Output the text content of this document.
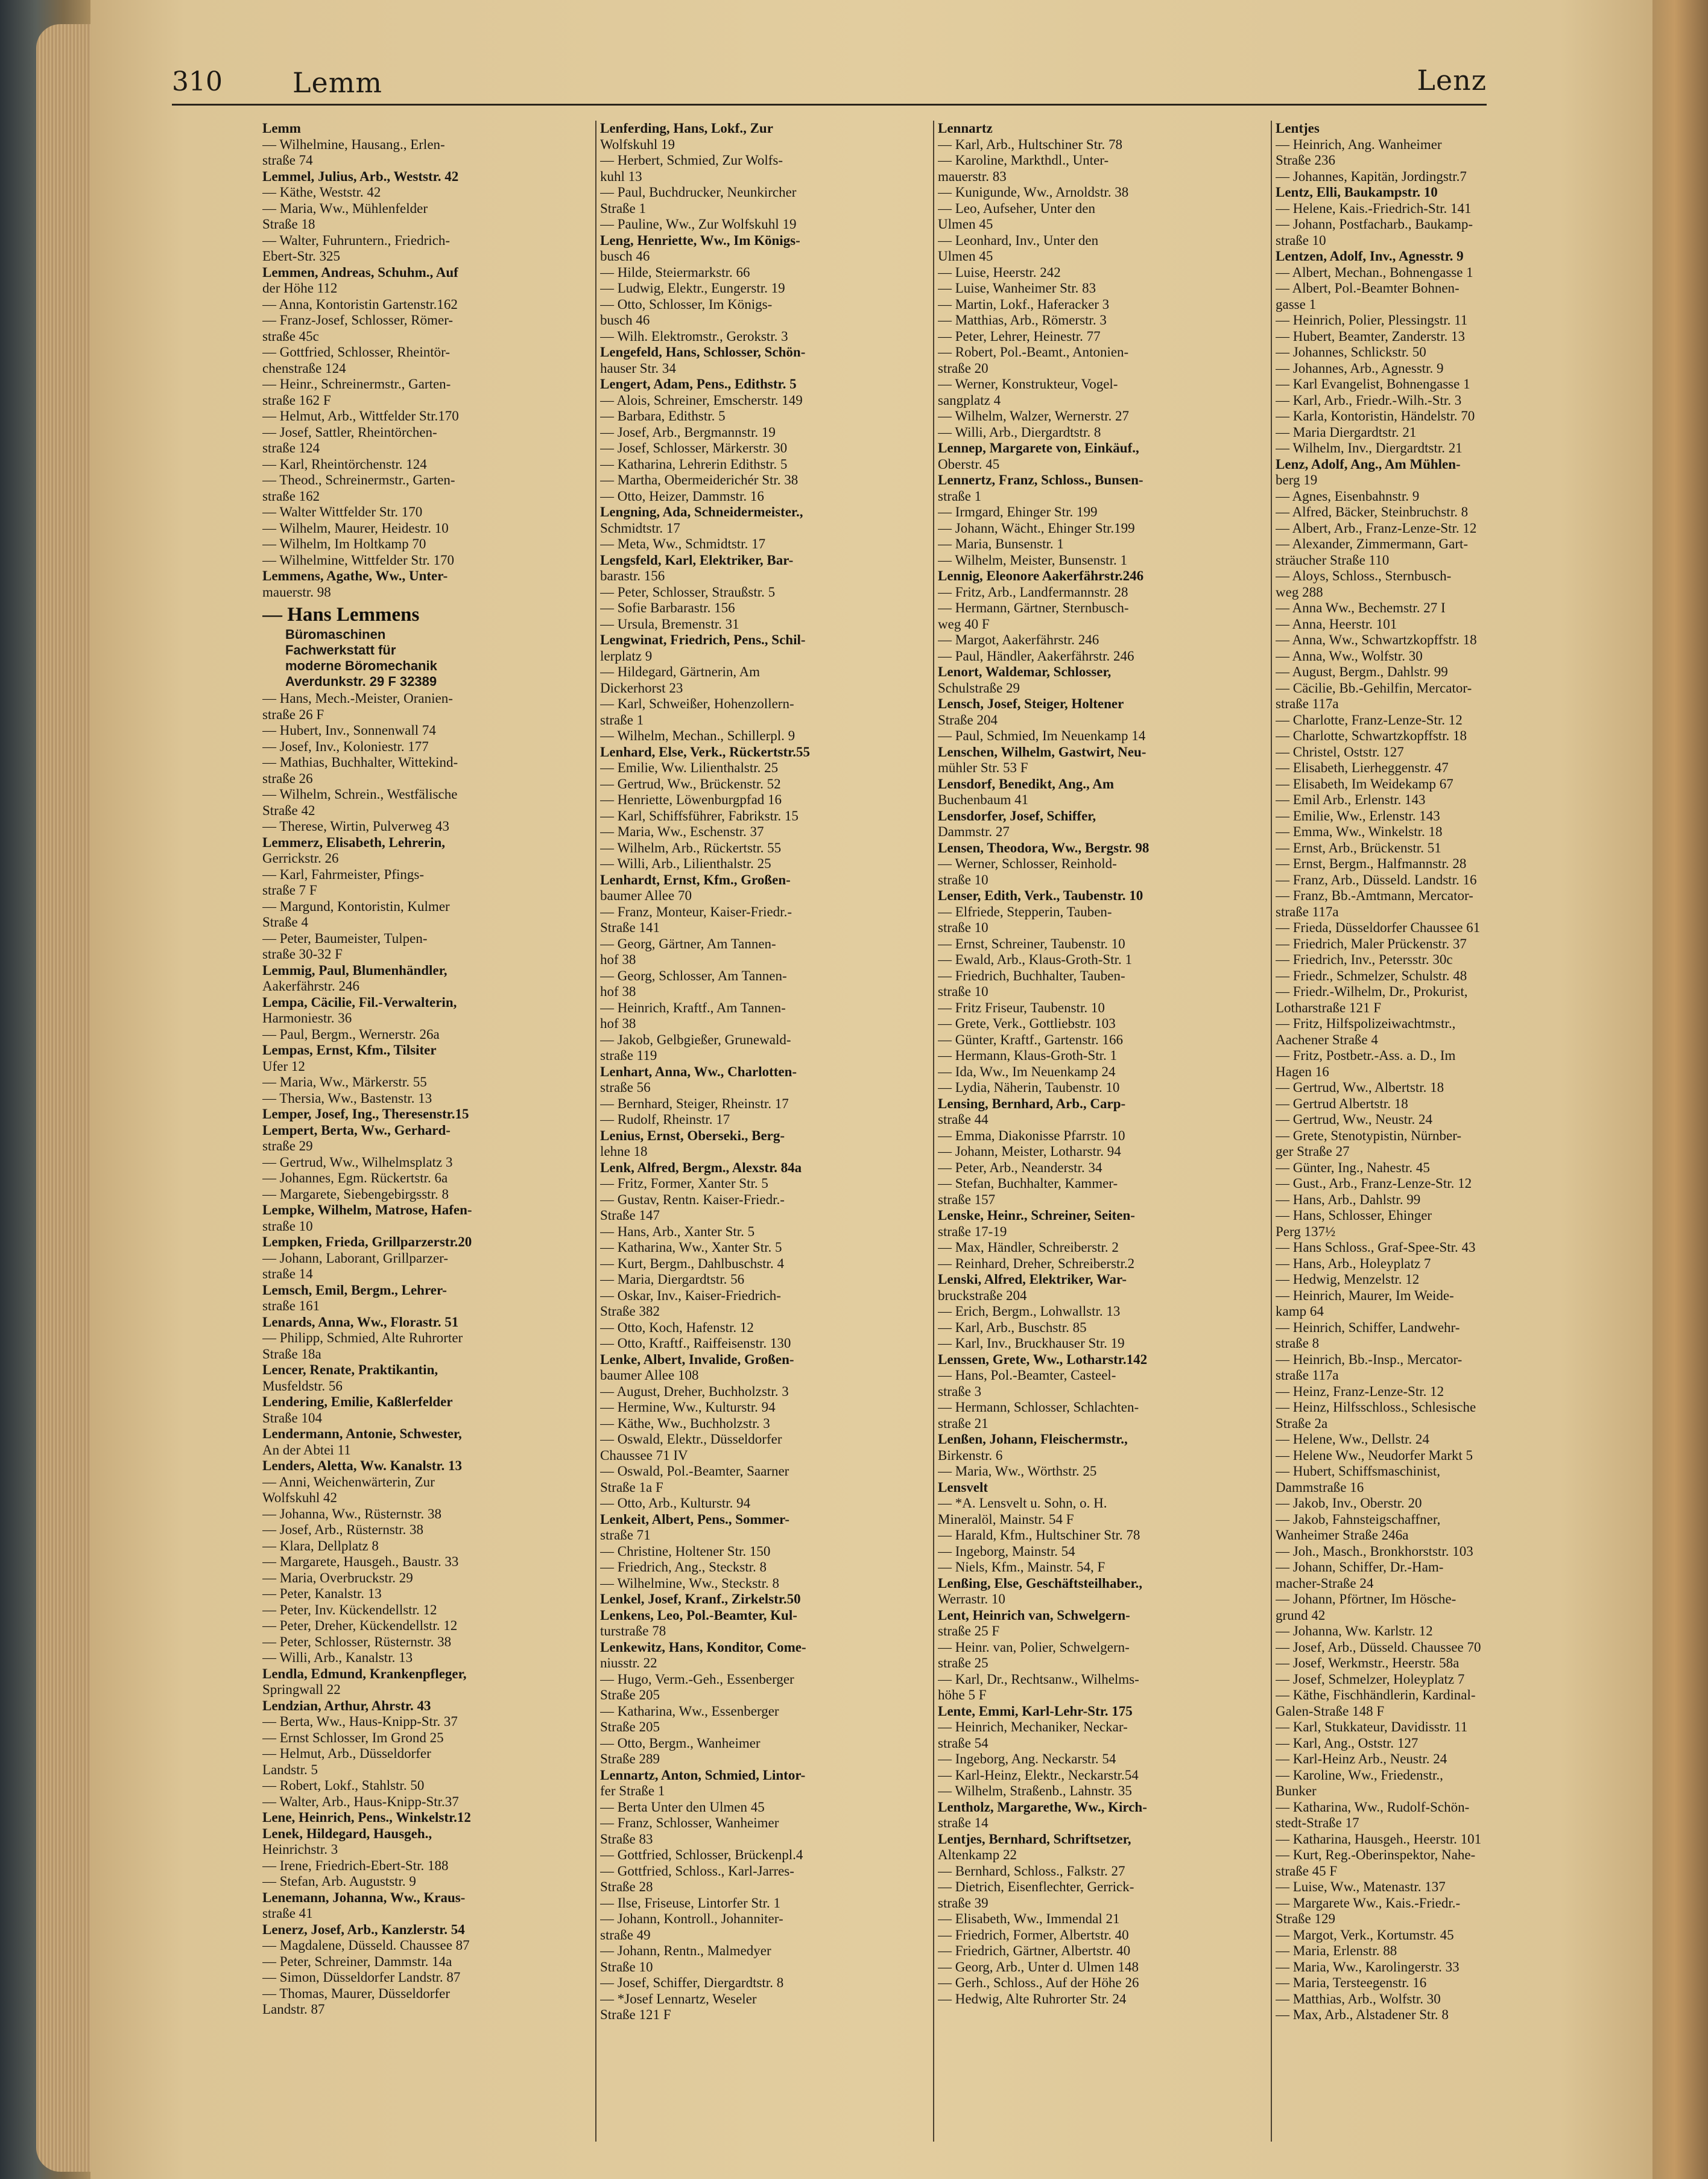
310	Lemm	Lenz
Lemm
— Wilhelmine, Hausang., Erlen-
straße 74
Lemmel, Julius, Arb., Weststr. 42
— Käthe, Weststr. 42
— Maria, Ww., Mühlenfelder
Straße 18
— Walter, Fuhruntern., Friedrich-
Ebert-Str. 325
Lemmen, Andreas, Schuhm., Auf
der Höhe 112
— Anna, Kontoristin Gartenstr.162
— Franz-Josef, Schlosser, Römer-
straße 45c
— Gottfried, Schlosser, Rheintör-
chenstraße 124
— Heinr., Schreinermstr., Garten-
straße 162 F
— Helmut, Arb., Wittfelder Str.170
— Josef, Sattler, Rheintörchen-
straße 124
— Karl, Rheintörchenstr. 124
— Theod., Schreinermstr., Garten-
straße 162
— Walter Wittfelder Str. 170
— Wilhelm, Maurer, Heidestr. 10
— Wilhelm, Im Holtkamp 70
— Wilhelmine, Wittfelder Str. 170
Lemmens, Agathe, Ww., Unter-
mauerstr. 98
— Hans Lemmens
Büromaschinen
Fachwerkstatt für
moderne Böromechanik
Averdunkstr. 29 F 32389
— Hans, Mech.-Meister, Oranien-
straße 26 F
— Hubert, Inv., Sonnenwall 74
— Josef, Inv., Koloniestr. 177
— Mathias, Buchhalter, Wittekind-
straße 26
— Wilhelm, Schrein., Westfälische
Straße 42
— Therese, Wirtin, Pulverweg 43
Lemmerz, Elisabeth, Lehrerin,
Gerrickstr. 26
— Karl, Fahrmeister, Pfings-
straße 7 F
— Margund, Kontoristin, Kulmer
Straße 4
— Peter, Baumeister, Tulpen-
straße 30-32 F
Lemmig, Paul, Blumenhändler,
Aakerfährstr. 246
Lempa, Cäcilie, Fil.-Verwalterin,
Harmoniestr. 36
— Paul, Bergm., Wernerstr. 26a
Lempas, Ernst, Kfm., Tilsiter
Ufer 12
— Maria, Ww., Märkerstr. 55
— Thersia, Ww., Bastenstr. 13
Lemper, Josef, Ing., Theresenstr.15
Lempert, Berta, Ww., Gerhard-
straße 29
— Gertrud, Ww., Wilhelmsplatz 3
— Johannes, Egm. Rückertstr. 6a
— Margarete, Siebengebirgsstr. 8
Lempke, Wilhelm, Matrose, Hafen-
straße 10
Lempken, Frieda, Grillparzerstr.20
— Johann, Laborant, Grillparzer-
straße 14
Lemsch, Emil, Bergm., Lehrer-
straße 161
Lenards, Anna, Ww., Florastr. 51
— Philipp, Schmied, Alte Ruhrorter
Straße 18a
Lencer, Renate, Praktikantin,
Musfeldstr. 56
Lendering, Emilie, Kaßlerfelder
Straße 104
Lendermann, Antonie, Schwester,
An der Abtei 11
Lenders, Aletta, Ww. Kanalstr. 13
— Anni, Weichenwärterin, Zur
Wolfskuhl 42
— Johanna, Ww., Rüsternstr. 38
— Josef, Arb., Rüsternstr. 38
— Klara, Dellplatz 8
— Margarete, Hausgeh., Baustr. 33
— Maria, Overbruckstr. 29
— Peter, Kanalstr. 13
— Peter, Inv. Kückendellstr. 12
— Peter, Dreher, Kückendellstr. 12
— Peter, Schlosser, Rüsternstr. 38
— Willi, Arb., Kanalstr. 13
Lendla, Edmund, Krankenpfleger,
Springwall 22
Lendzian, Arthur, Ahrstr. 43
— Berta, Ww., Haus-Knipp-Str. 37
— Ernst Schlosser, Im Grond 25
— Helmut, Arb., Düsseldorfer
Landstr. 5
— Robert, Lokf., Stahlstr. 50
— Walter, Arb., Haus-Knipp-Str.37
Lene, Heinrich, Pens., Winkelstr.12
Lenek, Hildegard, Hausgeh.,
Heinrichstr. 3
— Irene, Friedrich-Ebert-Str. 188
— Stefan, Arb. Auguststr. 9
Lenemann, Johanna, Ww., Kraus-
straße 41
Lenerz, Josef, Arb., Kanzlerstr. 54
— Magdalene, Düsseld. Chaussee 87
— Peter, Schreiner, Dammstr. 14a
— Simon, Düsseldorfer Landstr. 87
— Thomas, Maurer, Düsseldorfer
Landstr. 87
Lenferding, Hans, Lokf., Zur
Wolfskuhl 19
— Herbert, Schmied, Zur Wolfs-
kuhl 13
— Paul, Buchdrucker, Neunkircher
Straße 1
— Pauline, Ww., Zur Wolfskuhl 19
Leng, Henriette, Ww., Im Königs-
busch 46
— Hilde, Steiermarkstr. 66
— Ludwig, Elektr., Eungerstr. 19
— Otto, Schlosser, Im Königs-
busch 46
— Wilh. Elektromstr., Gerokstr. 3
Lengefeld, Hans, Schlosser, Schön-
hauser Str. 34
Lengert, Adam, Pens., Edithstr. 5
— Alois, Schreiner, Emscherstr. 149
— Barbara, Edithstr. 5
— Josef, Arb., Bergmannstr. 19
— Josef, Schlosser, Märkerstr. 30
— Katharina, Lehrerin Edithstr. 5
— Martha, Obermeiderichér Str. 38
— Otto, Heizer, Dammstr. 16
Lengning, Ada, Schneidermeister.,
Schmidtstr. 17
— Meta, Ww., Schmidtstr. 17
Lengsfeld, Karl, Elektriker, Bar-
barastr. 156
— Peter, Schlosser, Straußstr. 5
— Sofie Barbarastr. 156
— Ursula, Bremenstr. 31
Lengwinat, Friedrich, Pens., Schil-
lerplatz 9
— Hildegard, Gärtnerin, Am
Dickerhorst 23
— Karl, Schweißer, Hohenzollern-
straße 1
— Wilhelm, Mechan., Schillerpl. 9
Lenhard, Else, Verk., Rückertstr.55
— Emilie, Ww. Lilienthalstr. 25
— Gertrud, Ww., Brückenstr. 52
— Henriette, Löwenburgpfad 16
— Karl, Schiffsführer, Fabrikstr. 15
— Maria, Ww., Eschenstr. 37
— Wilhelm, Arb., Rückertstr. 55
— Willi, Arb., Lilienthalstr. 25
Lenhardt, Ernst, Kfm., Großen-
baumer Allee 70
— Franz, Monteur, Kaiser-Friedr.-
Straße 141
— Georg, Gärtner, Am Tannen-
hof 38
— Georg, Schlosser, Am Tannen-
hof 38
— Heinrich, Kraftf., Am Tannen-
hof 38
— Jakob, Gelbgießer, Grunewald-
straße 119
Lenhart, Anna, Ww., Charlotten-
straße 56
— Bernhard, Steiger, Rheinstr. 17
— Rudolf, Rheinstr. 17
Lenius, Ernst, Oberseki., Berg-
lehne 18
Lenk, Alfred, Bergm., Alexstr. 84a
— Fritz, Former, Xanter Str. 5
— Gustav, Rentn. Kaiser-Friedr.-
Straße 147
— Hans, Arb., Xanter Str. 5
— Katharina, Ww., Xanter Str. 5
— Kurt, Bergm., Dahlbuschstr. 4
— Maria, Diergardtstr. 56
— Oskar, Inv., Kaiser-Friedrich-
Straße 382
— Otto, Koch, Hafenstr. 12
— Otto, Kraftf., Raiffeisenstr. 130
Lenke, Albert, Invalide, Großen-
baumer Allee 108
— August, Dreher, Buchholzstr. 3
— Hermine, Ww., Kulturstr. 94
— Käthe, Ww., Buchholzstr. 3
— Oswald, Elektr., Düsseldorfer
Chaussee 71 IV
— Oswald, Pol.-Beamter, Saarner
Straße 1a F
— Otto, Arb., Kulturstr. 94
Lenkeit, Albert, Pens., Sommer-
straße 71
— Christine, Holtener Str. 150
— Friedrich, Ang., Steckstr. 8
— Wilhelmine, Ww., Steckstr. 8
Lenkel, Josef, Kranf., Zirkelstr.50
Lenkens, Leo, Pol.-Beamter, Kul-
turstraße 78
Lenkewitz, Hans, Konditor, Come-
niusstr. 22
— Hugo, Verm.-Geh., Essenberger
Straße 205
— Katharina, Ww., Essenberger
Straße 205
— Otto, Bergm., Wanheimer
Straße 289
Lennartz, Anton, Schmied, Lintor-
fer Straße 1
— Berta Unter den Ulmen 45
— Franz, Schlosser, Wanheimer
Straße 83
— Gottfried, Schlosser, Brückenpl.4
— Gottfried, Schloss., Karl-Jarres-
Straße 28
— Ilse, Friseuse, Lintorfer Str. 1
— Johann, Kontroll., Johanniter-
straße 49
— Johann, Rentn., Malmedyer
Straße 10
— Josef, Schiffer, Diergardtstr. 8
— *Josef Lennartz, Weseler
Straße 121 F
Lennartz
— Karl, Arb., Hultschiner Str. 78
— Karoline, Markthdl., Unter-
mauerstr. 83
— Kunigunde, Ww., Arnoldstr. 38
— Leo, Aufseher, Unter den
Ulmen 45
— Leonhard, Inv., Unter den
Ulmen 45
— Luise, Heerstr. 242
— Luise, Wanheimer Str. 83
— Martin, Lokf., Haferacker 3
— Matthias, Arb., Römerstr. 3
— Peter, Lehrer, Heinestr. 77
— Robert, Pol.-Beamt., Antonien-
straße 20
— Werner, Konstrukteur, Vogel-
sangplatz 4
— Wilhelm, Walzer, Wernerstr. 27
— Willi, Arb., Diergardtstr. 8
Lennep, Margarete von, Einkäuf.,
Oberstr. 45
Lennertz, Franz, Schloss., Bunsen-
straße 1
— Irmgard, Ehinger Str. 199
— Johann, Wächt., Ehinger Str.199
— Maria, Bunsenstr. 1
— Wilhelm, Meister, Bunsenstr. 1
Lennig, Eleonore Aakerfährstr.246
— Fritz, Arb., Landfermannstr. 28
— Hermann, Gärtner, Sternbusch-
weg 40 F
— Margot, Aakerfährstr. 246
— Paul, Händler, Aakerfährstr. 246
Lenort, Waldemar, Schlosser,
Schulstraße 29
Lensch, Josef, Steiger, Holtener
Straße 204
— Paul, Schmied, Im Neuenkamp 14
Lenschen, Wilhelm, Gastwirt, Neu-
mühler Str. 53 F
Lensdorf, Benedikt, Ang., Am
Buchenbaum 41
Lensdorfer, Josef, Schiffer,
Dammstr. 27
Lensen, Theodora, Ww., Bergstr. 98
— Werner, Schlosser, Reinhold-
straße 10
Lenser, Edith, Verk., Taubenstr. 10
— Elfriede, Stepperin, Tauben-
straße 10
— Ernst, Schreiner, Taubenstr. 10
— Ewald, Arb., Klaus-Groth-Str. 1
— Friedrich, Buchhalter, Tauben-
straße 10
— Fritz Friseur, Taubenstr. 10
— Grete, Verk., Gottliebstr. 103
— Günter, Kraftf., Gartenstr. 166
— Hermann, Klaus-Groth-Str. 1
— Ida, Ww., Im Neuenkamp 24
— Lydia, Näherin, Taubenstr. 10
Lensing, Bernhard, Arb., Carp-
straße 44
— Emma, Diakonisse Pfarrstr. 10
— Johann, Meister, Lotharstr. 94
— Peter, Arb., Neanderstr. 34
— Stefan, Buchhalter, Kammer-
straße 157
Lenske, Heinr., Schreiner, Seiten-
straße 17-19
— Max, Händler, Schreiberstr. 2
— Reinhard, Dreher, Schreiberstr.2
Lenski, Alfred, Elektriker, War-
bruckstraße 204
— Erich, Bergm., Lohwallstr. 13
— Karl, Arb., Buschstr. 85
— Karl, Inv., Bruckhauser Str. 19
Lenssen, Grete, Ww., Lotharstr.142
— Hans, Pol.-Beamter, Casteel-
straße 3
— Hermann, Schlosser, Schlachten-
straße 21
Lenßen, Johann, Fleischermstr.,
Birkenstr. 6
— Maria, Ww., Wörthstr. 25
Lensvelt
— *A. Lensvelt u. Sohn, o. H.
Mineralöl, Mainstr. 54 F
— Harald, Kfm., Hultschiner Str. 78
— Ingeborg, Mainstr. 54
— Niels, Kfm., Mainstr. 54, F
Lenßing, Else, Geschäftsteilhaber.,
Werrastr. 10
Lent, Heinrich van, Schwelgern-
straße 25 F
— Heinr. van, Polier, Schwelgern-
straße 25
— Karl, Dr., Rechtsanw., Wilhelms-
höhe 5 F
Lente, Emmi, Karl-Lehr-Str. 175
— Heinrich, Mechaniker, Neckar-
straße 54
— Ingeborg, Ang. Neckarstr. 54
— Karl-Heinz, Elektr., Neckarstr.54
— Wilhelm, Straßenb., Lahnstr. 35
Lentholz, Margarethe, Ww., Kirch-
straße 14
Lentjes, Bernhard, Schriftsetzer,
Altenkamp 22
— Bernhard, Schloss., Falkstr. 27
— Dietrich, Eisenflechter, Gerrick-
straße 39
— Elisabeth, Ww., Immendal 21
— Friedrich, Former, Albertstr. 40
— Friedrich, Gärtner, Albertstr. 40
— Georg, Arb., Unter d. Ulmen 148
— Gerh., Schloss., Auf der Höhe 26
— Hedwig, Alte Ruhrorter Str. 24
Lentjes
— Heinrich, Ang. Wanheimer
Straße 236
— Johannes, Kapitän, Jordingstr.7
Lentz, Elli, Baukampstr. 10
— Helene, Kais.-Friedrich-Str. 141
— Johann, Postfacharb., Baukamp-
straße 10
Lentzen, Adolf, Inv., Agnesstr. 9
— Albert, Mechan., Bohnengasse 1
— Albert, Pol.-Beamter Bohnen-
gasse 1
— Heinrich, Polier, Plessingstr. 11
— Hubert, Beamter, Zanderstr. 13
— Johannes, Schlickstr. 50
— Johannes, Arb., Agnesstr. 9
— Karl Evangelist, Bohnengasse 1
— Karl, Arb., Friedr.-Wilh.-Str. 3
— Karla, Kontoristin, Händelstr. 70
— Maria Diergardtstr. 21
— Wilhelm, Inv., Diergardtstr. 21
Lenz, Adolf, Ang., Am Mühlen-
berg 19
— Agnes, Eisenbahnstr. 9
— Alfred, Bäcker, Steinbruchstr. 8
— Albert, Arb., Franz-Lenze-Str. 12
— Alexander, Zimmermann, Gart-
sträucher Straße 110
— Aloys, Schloss., Sternbusch-
weg 288
— Anna Ww., Bechemstr. 27 I
— Anna, Heerstr. 101
— Anna, Ww., Schwartzkopffstr. 18
— Anna, Ww., Wolfstr. 30
— August, Bergm., Dahlstr. 99
— Cäcilie, Bb.-Gehilfin, Mercator-
straße 117a
— Charlotte, Franz-Lenze-Str. 12
— Charlotte, Schwartzkopffstr. 18
— Christel, Oststr. 127
— Elisabeth, Lierheggenstr. 47
— Elisabeth, Im Weidekamp 67
— Emil Arb., Erlenstr. 143
— Emilie, Ww., Erlenstr. 143
— Emma, Ww., Winkelstr. 18
— Ernst, Arb., Brückenstr. 51
— Ernst, Bergm., Halfmannstr. 28
— Franz, Arb., Düsseld. Landstr. 16
— Franz, Bb.-Amtmann, Mercator-
straße 117a
— Frieda, Düsseldorfer Chaussee 61
— Friedrich, Maler Prückenstr. 37
— Friedrich, Inv., Petersstr. 30c
— Friedr., Schmelzer, Schulstr. 48
— Friedr.-Wilhelm, Dr., Prokurist,
Lotharstraße 121 F
— Fritz, Hilfspolizeiwachtmstr.,
Aachener Straße 4
— Fritz, Postbetr.-Ass. a. D., Im
Hagen 16
— Gertrud, Ww., Albertstr. 18
— Gertrud Albertstr. 18
— Gertrud, Ww., Neustr. 24
— Grete, Stenotypistin, Nürnber-
ger Straße 27
— Günter, Ing., Nahestr. 45
— Gust., Arb., Franz-Lenze-Str. 12
— Hans, Arb., Dahlstr. 99
— Hans, Schlosser, Ehinger
Perg 137½
— Hans Schloss., Graf-Spee-Str. 43
— Hans, Arb., Holeyplatz 7
— Hedwig, Menzelstr. 12
— Heinrich, Maurer, Im Weide-
kamp 64
— Heinrich, Schiffer, Landwehr-
straße 8
— Heinrich, Bb.-Insp., Mercator-
straße 117a
— Heinz, Franz-Lenze-Str. 12
— Heinz, Hilfsschloss., Schlesische
Straße 2a
— Helene, Ww., Dellstr. 24
— Helene Ww., Neudorfer Markt 5
— Hubert, Schiffsmaschinist,
Dammstraße 16
— Jakob, Inv., Oberstr. 20
— Jakob, Fahnsteigschaffner,
Wanheimer Straße 246a
— Joh., Masch., Bronkhorststr. 103
— Johann, Schiffer, Dr.-Ham-
macher-Straße 24
— Johann, Pförtner, Im Hösche-
grund 42
— Johanna, Ww. Karlstr. 12
— Josef, Arb., Düsseld. Chaussee 70
— Josef, Werkmstr., Heerstr. 58a
— Josef, Schmelzer, Holeyplatz 7
— Käthe, Fischhändlerin, Kardinal-
Galen-Straße 148 F
— Karl, Stukkateur, Davidisstr. 11
— Karl, Ang., Oststr. 127
— Karl-Heinz Arb., Neustr. 24
— Karoline, Ww., Friedenstr.,
Bunker
— Katharina, Ww., Rudolf-Schön-
stedt-Straße 17
— Katharina, Hausgeh., Heerstr. 101
— Kurt, Reg.-Oberinspektor, Nahe-
straße 45 F
— Luise, Ww., Matenastr. 137
— Margarete Ww., Kais.-Friedr.-
Straße 129
— Margot, Verk., Kortumstr. 45
— Maria, Erlenstr. 88
— Maria, Ww., Karolingerstr. 33
— Maria, Tersteegenstr. 16
— Matthias, Arb., Wolfstr. 30
— Max, Arb., Alstadener Str. 8
